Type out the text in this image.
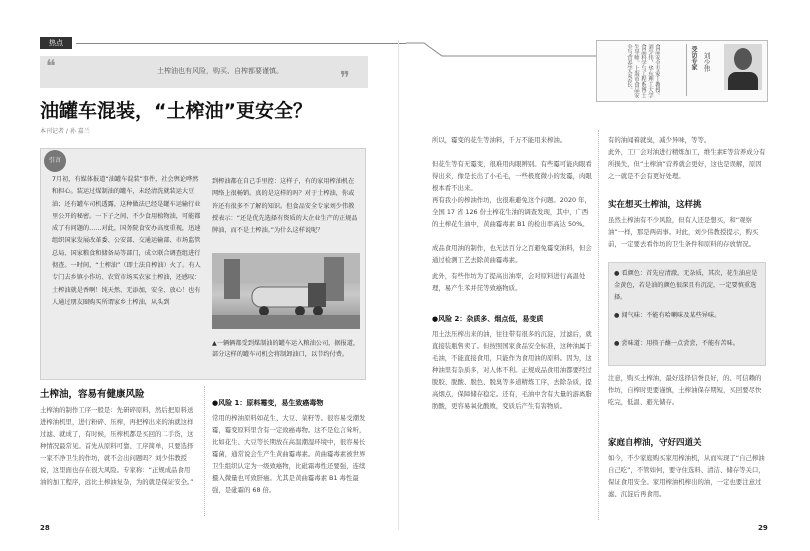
热点
❝
❞
土榨油也有风险，购买、自榨都要谨慎。
油罐车混装，“土榨油”更安全？
本刊记者 / 孙 嘉兰
引言
7月初，有媒体报道“油罐车混装”事件，社会舆论哗然和担心。装运过煤制油的罐车，未经清洗就装运大豆油；还有罐车司机透露，这种做法已经是罐车运输行业里公开的秘密。一下子之间，不少食用植物油，可能都成了有问题的……对此，国务院食安办高度重视，迅速组织国家发展改革委、公安部、交通运输部、市场监管总局、国家粮食和储备局等部门，成立联合调查组进行彻查。一时间，“土榨油”（即土法自榨油）火了。有人专门去乡镇小作坊、农贸市场买农家土榨油，还感叹：土榨油就是香啊！纯天然、无添加，安全、放心！也有人通过朋友圈购买所谓家乡土榨油，从头到
到榨油都在自己手里控：这样子，有的家用榨油机在网络上很畅销。真的是这样的吗？对于土榨油，你或许还有很多不了解的知识。但食品安全专家刘少伟教授表示：“还是优先选择有资质的大企业生产的正规品牌油，而不是土榨油。”为什么这样说呢？
▲一辆辆都受到煤制油的罐车运入粮油公司，据报道，部分这样的罐车司机会将制卸油口，以节约付费。
土榨油，容易有健康风险
土榨油的制作工序一般是：先研碎原料，然后把原料送进榨油机里，进行粉碎、压榨，再把榨出来的油就这样过滤、就成了，有时候，压榨机都是买回的二手货，这种情况最常见。首先从原料可靠、工序简单，只要选择一家不净卫生的作坊，就不会出问题吗？刘少伟教授说，这里面也存在很大风险。专家称：“正规成品食用油的加工程序，远比土榨油复杂，为的就是保证安全。”
●风险 1：原料霉变，易生致癌毒物
常用的榨油原料如花生、大豆、菜籽等。很容易受潮发霉，霉变原料里含有一定致癌毒物。这不是危言耸听，比如花生、大豆等长期放在高温潮湿环境中，很容易长霉菌，通常说会生产生黄曲霉毒素。黄曲霉毒素被世界卫生组织认定为一级致癌物，比砒霜毒性还要强，连续摄入微量也可致肝癌。尤其是黄曲霉毒素 B1 毒性最强，是砒霜的 68 倍。
28
食品安全专家丨教授。刘少伟，华东理工大学食品科学与工程系博士生导师。上海市食品安全与营养学会会长。	受访专家 刘少伟
所以，霉变的花生等油料，千万不能用来榨油。
但花生等有无霉变，很难用肉眼辨别。有些霉可能肉眼看得出来，像是长出了小毛毛，一些极度微小的发霉，肉眼根本看不出来。
再有我小的榨油作坊，也很难避免这个问题。2020 年，全国 17 省 126 份土榨花生油的调查发现，其中，广西的土榨花生油中，黄曲霉毒素 B1 的检出率高达 50%。
成品食用油的制作，也无法百分之百避免霉变油料，但会通过检测工艺去除黄曲霉毒素。
此外，有些作坊为了提高出油率，会对原料进行高温处理，易产生苯并芘等致癌物质。
●风险 2：杂质多、烟点低，易变质
用土法压榨出来的油，往往带有很多的沉淀，过滤后，就直接装瓶售卖了。但按照国家食品安全标准，这种油属于毛油，不能直接食用，只能作为食用油的原料。因为，这种油里有杂质多，对人体不利。正规成品食用油都要经过脱胶、脱酸、脱色、脱臭等多道精炼工序，去除杂质，提高烟点，保障储存稳定。还有，毛油中含有大量的游离脂肪酸，更容易氧化酸败，变质后产生有害物质。
有的油闻着就臭，减少异味，等等。
此外，工厂会对油进行精炼加工，维生素E等营养成分有所损失，但“土榨油”营养就会更好，这也是误解，原因之一就是不会有更好处理。
实在想买土榨油，这样挑
虽然土榨油有不少风险，但有人还是想买，和“观察油”一样，那是两码事。对此，刘少伟教授提示，购买前，一定要去看作坊的卫生条件和原料的存放情况。
● 看颜色：首先应清澈，无杂质，其次，花生油应是金黄色，若是油的颜色很深且有沉淀，一定要慎重选择。
● 闻气味：不能有哈喇味及某些异味。
● 尝味道：用筷子蘸一点尝尝，不能有苦味。
注意，购买土榨油，最好选择信誉良好，的、可信赖的作坊，自榨时更要谨慎，土榨油保存期短，买回要尽快吃完，低温、避光储存。
家庭自榨油，守好四道关
如今，不少家庭购买家用榨油机，从而实现了“自己榨油自己吃”，不管如何，要守住选料、清洁、储存等关口，保证食用安全。家用榨油机榨出的油，一定也要注意过滤、沉淀后再食用。
29
